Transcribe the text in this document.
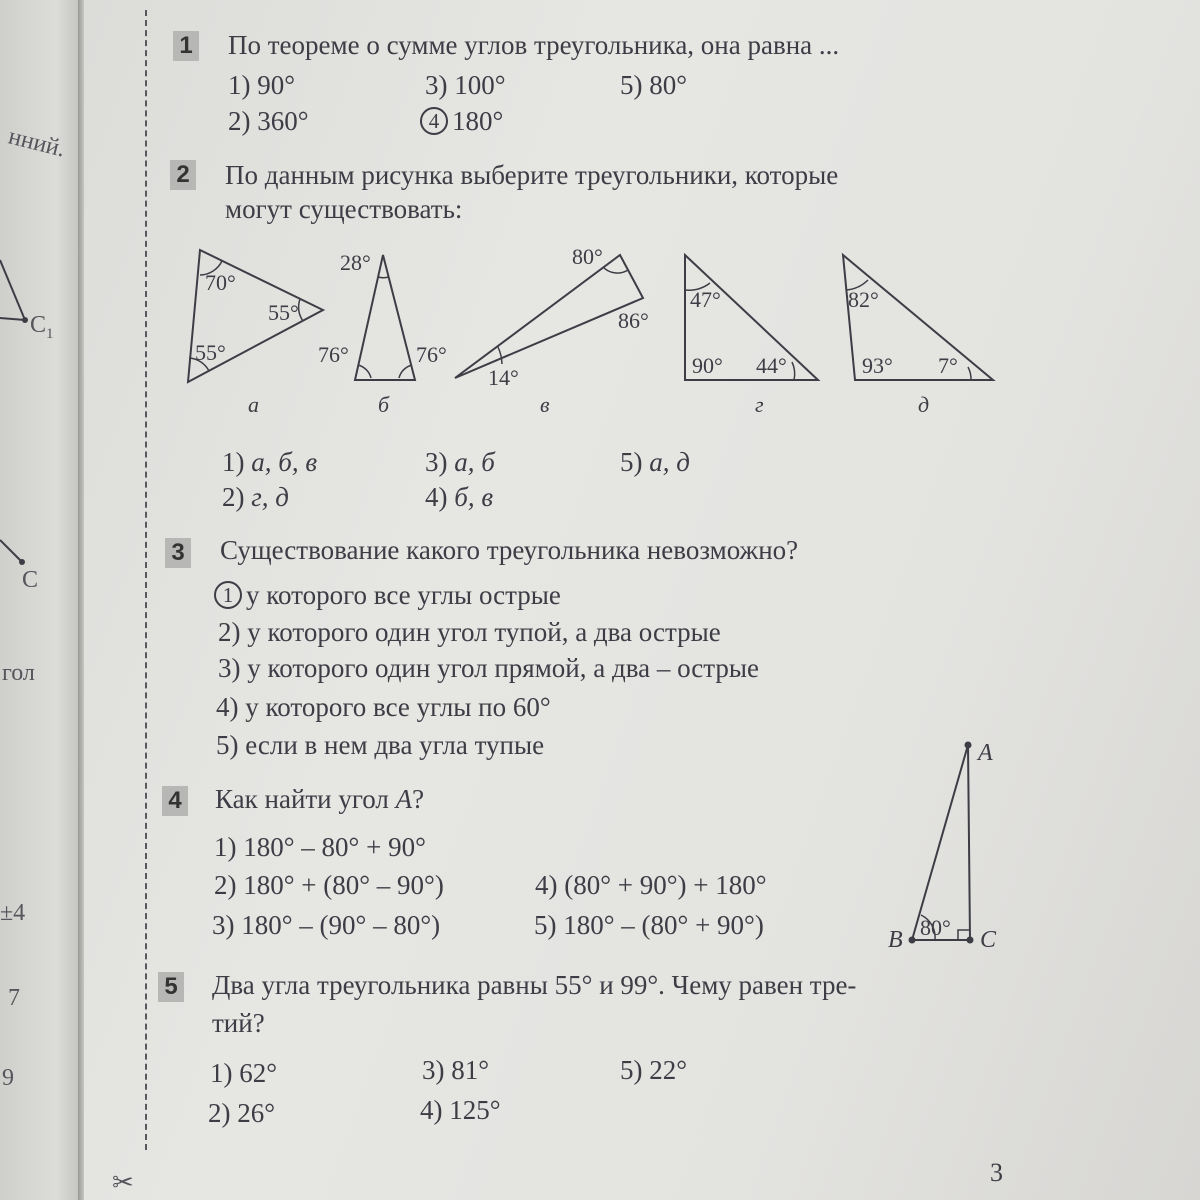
нний.
$C_1$
C
гол
±4
7
9
✂
1 По теореме о сумме углов треугольника, она равна ...
1) 90°
2) 360°
3) 100°
4 180°
5) 80°
2 По данным рисунка выберите треугольники, которые
могут существовать:
70°
55°
55°
а
28°
76°	76°
б
80°
86°
14°
в
47°
90° 44°
г
82°
93° 7°
д
A
B	C
80°
1) а, б, в
2) г, д
3) а, б
4) б, в
5) а, д
3 Существование какого треугольника невозможно?
1 у которого все углы острые
2) у которого один угол тупой, а два острые
3) у которого один угол прямой, а два – острые
4) у которого все углы по 60°
5) если в нем два угла тупые
4 Как найти угол A?
1) 180° – 80° + 90°
2) 180° + (80° – 90°)
3) 180° – (90° – 80°)
4) (80° + 90°) + 180°
5) 180° – (80° + 90°)
5 Два угла треугольника равны 55° и 99°. Чему равен тре-
тий?
1) 62°
2) 26°
3) 81°
4) 125°
5) 22°
3
